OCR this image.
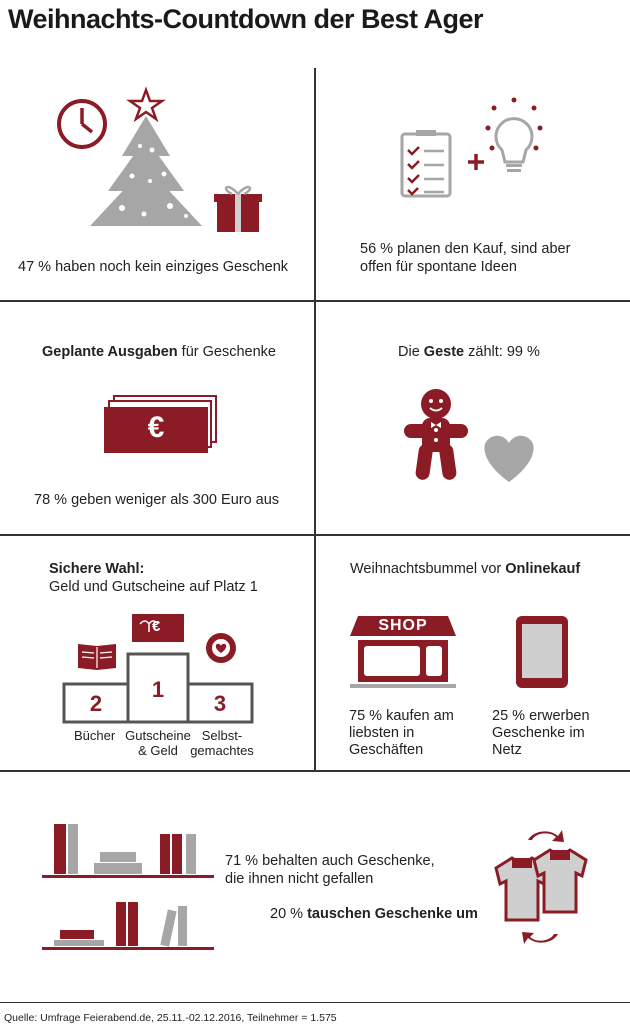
Weihnachts-Countdown der Best Ager
47 % haben noch kein einziges Geschenk
56 % planen den Kauf, sind aber
offen für spontane Ideen
Geplante Ausgaben für Geschenke
€
78 % geben weniger als 300 Euro aus
Die Geste zählt: 99 %
Sichere Wahl:
Geld und Gutscheine auf Platz 1
€
1
2	3
Bücher Gutscheine
& Geld
Selbst-
gemachtes
Weihnachtsbummel vor Onlinekauf
SHOP
75 % kaufen am
liebsten in
Geschäften
25 % erwerben
Geschenke im
Netz
71 % behalten auch Geschenke,
die ihnen nicht gefallen
20 % tauschen Geschenke um
Quelle: Umfrage Feierabend.de, 25.11.-02.12.2016, Teilnehmer = 1.575
